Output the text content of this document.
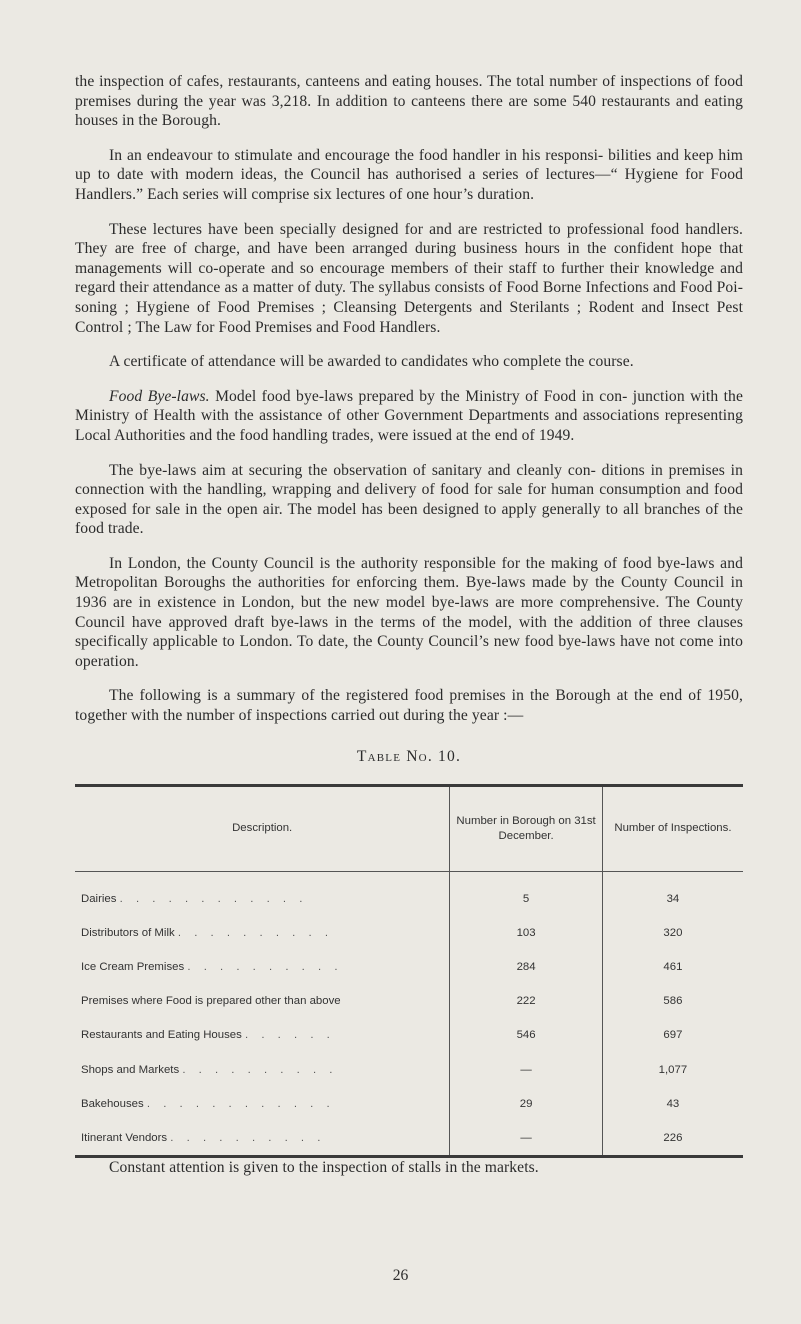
the inspection of cafes, restaurants, canteens and eating houses. The total number of inspections of food premises during the year was 3,218. In addition to canteens there are some 540 restaurants and eating houses in the Borough.

In an endeavour to stimulate and encourage the food handler in his responsi- bilities and keep him up to date with modern ideas, the Council has authorised a series of lectures—“ Hygiene for Food Handlers.” Each series will comprise six lectures of one hour’s duration.

These lectures have been specially designed for and are restricted to professional food handlers. They are free of charge, and have been arranged during business hours in the confident hope that managements will co-operate and so encourage members of their staff to further their knowledge and regard their attendance as a matter of duty. The syllabus consists of Food Borne Infections and Food Poi- soning ; Hygiene of Food Premises ; Cleansing Detergents and Sterilants ; Rodent and Insect Pest Control ; The Law for Food Premises and Food Handlers.

A certificate of attendance will be awarded to candidates who complete the course.

Food Bye-laws. Model food bye-laws prepared by the Ministry of Food in con- junction with the Ministry of Health with the assistance of other Government Departments and associations representing Local Authorities and the food handling trades, were issued at the end of 1949.

The bye-laws aim at securing the observation of sanitary and cleanly con- ditions in premises in connection with the handling, wrapping and delivery of food for sale for human consumption and food exposed for sale in the open air. The model has been designed to apply generally to all branches of the food trade.

In London, the County Council is the authority responsible for the making of food bye-laws and Metropolitan Boroughs the authorities for enforcing them. Bye-laws made by the County Council in 1936 are in existence in London, but the new model bye-laws are more comprehensive. The County Council have approved draft bye-laws in the terms of the model, with the addition of three clauses specifically applicable to London. To date, the County Council’s new food bye-laws have not come into operation.

The following is a summary of the registered food premises in the Borough at the end of 1950, together with the number of inspections carried out during the year :—

Table No. 10.
Description.	Number in Borough on 31st December.	Number of Inspections.
Dairies . . . . . . . . . . . .	5	34
Distributors of Milk . . . . . . . . . .	103	320
Ice Cream Premises . . . . . . . . . .	284	461
Premises where Food is prepared other than above	222	586
Restaurants and Eating Houses . . . . . .	546	697
Shops and Markets . . . . . . . . . .	—	1,077
Bakehouses . . . . . . . . . . . .	29	43
Itinerant Vendors . . . . . . . . . .	—	226

Constant attention is given to the inspection of stalls in the markets.

26
